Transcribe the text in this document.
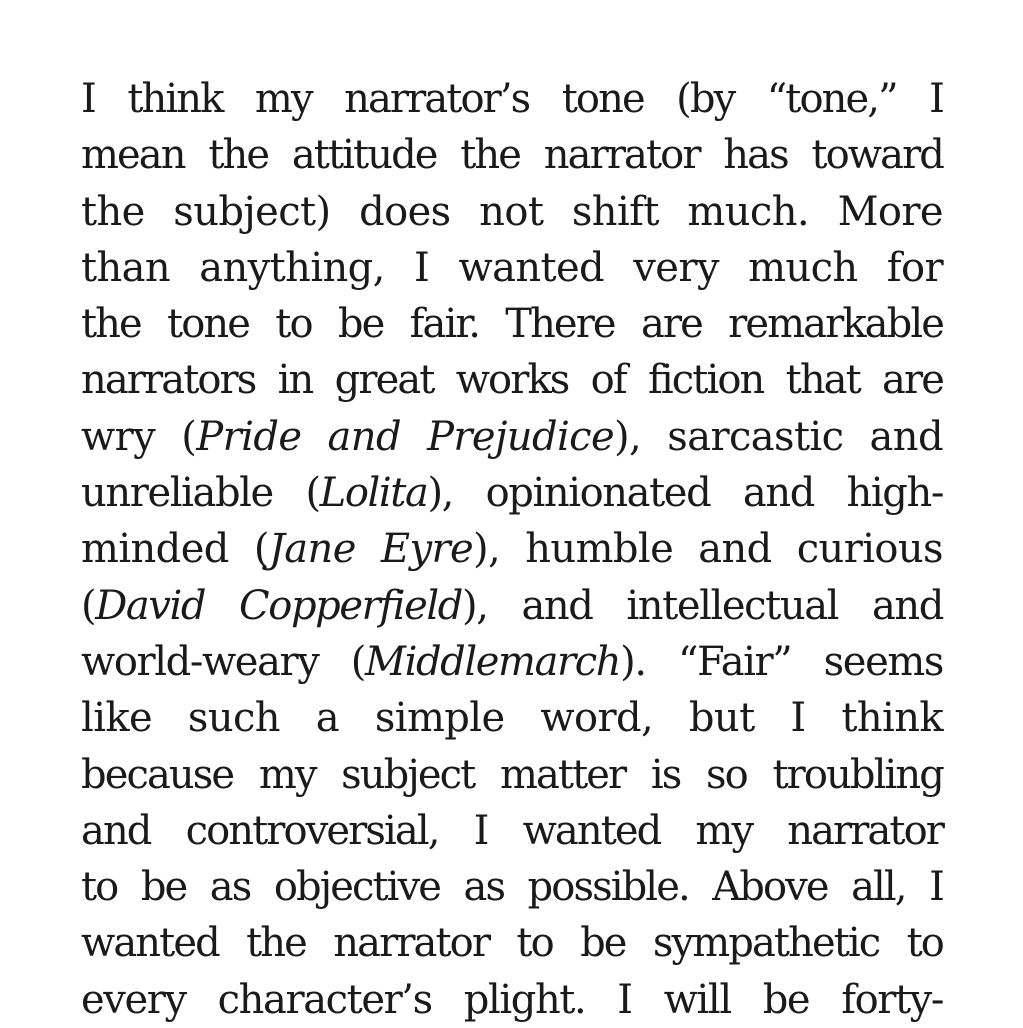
I think my narrator’s tone (by “tone,” I
mean the attitude the narrator has toward
the subject) does not shift much. More
than anything, I wanted very much for
the tone to be fair. There are remarkable
narrators in great works of fiction that are
wry (Pride and Prejudice), sarcastic and
unreliable (Lolita), opinionated and high-
minded (Jane Eyre), humble and curious
(David Copperfield), and intellectual and
world-weary (Middlemarch). “Fair” seems
like such a simple word, but I think
because my subject matter is so troubling
and controversial, I wanted my narrator
to be as objective as possible. Above all, I
wanted the narrator to be sympathetic to
every character’s plight. I will be forty-
